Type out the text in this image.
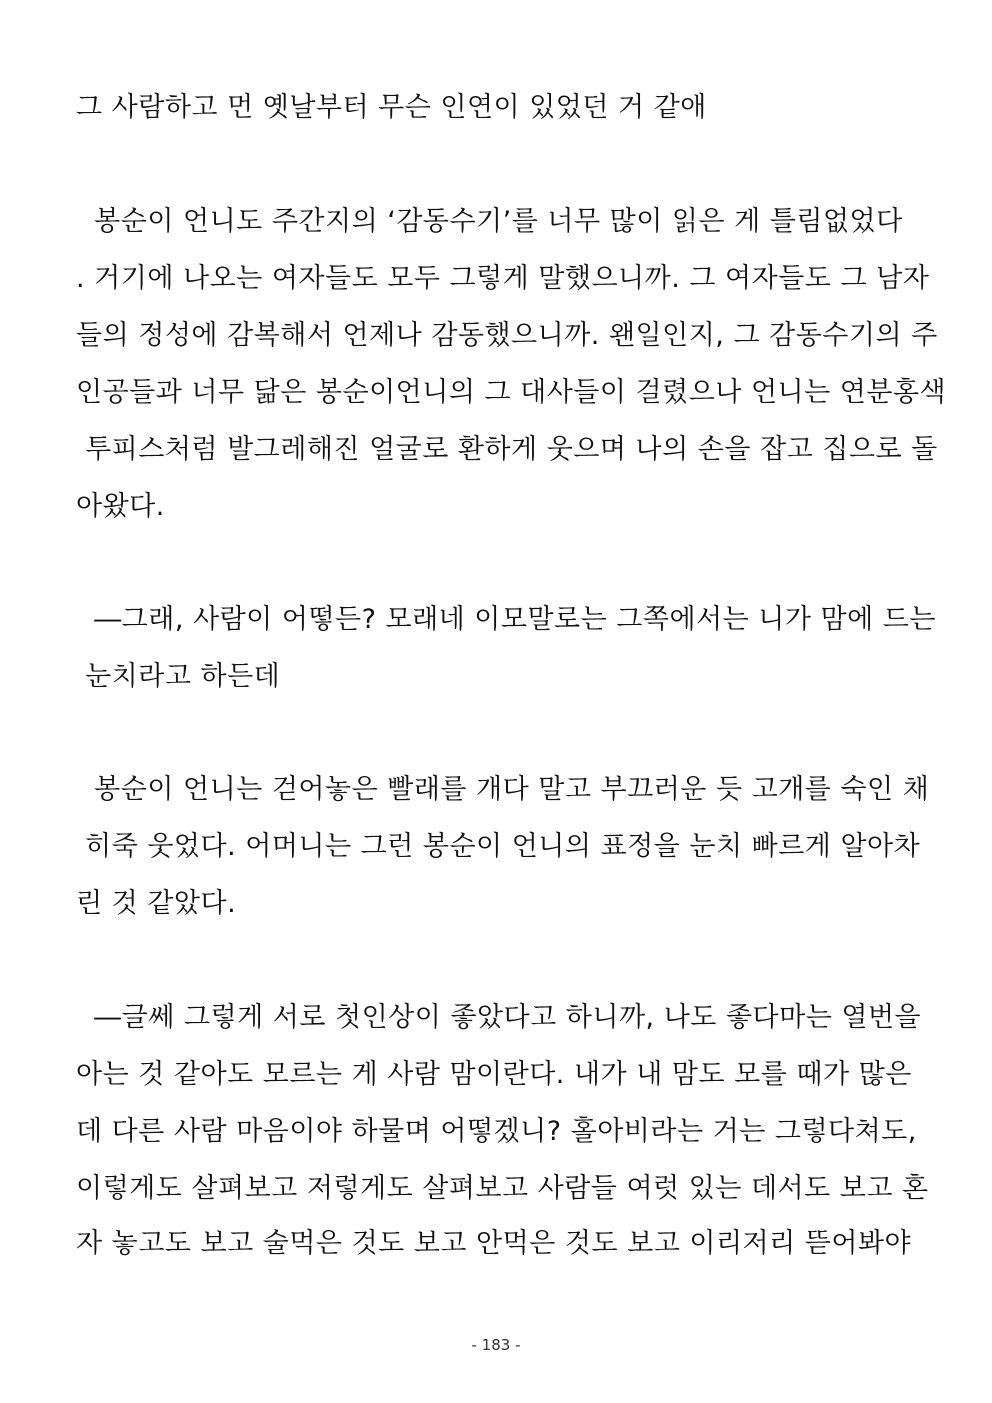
그 사람하고 먼 옛날부터 무슨 인연이 있었던 거 같애
봉순이 언니도 주간지의 ‘감동수기’를 너무 많이 읽은 게 틀림없었다
. 거기에 나오는 여자들도 모두 그렇게 말했으니까. 그 여자들도 그 남자
들의 정성에 감복해서 언제나 감동했으니까. 왠일인지, 그 감동수기의 주
인공들과 너무 닮은 봉순이언니의 그 대사들이 걸렸으나 언니는 연분홍색
투피스처럼 발그레해진 얼굴로 환하게 웃으며 나의 손을 잡고 집으로 돌
아왔다.
―그래, 사람이 어떻든? 모래네 이모말로는 그쪽에서는 니가 맘에 드는
눈치라고 하든데
봉순이 언니는 걷어놓은 빨래를 개다 말고 부끄러운 듯 고개를 숙인 채
히죽 웃었다. 어머니는 그런 봉순이 언니의 표정을 눈치 빠르게 알아차
린 것 같았다.
―글쎄 그렇게 서로 첫인상이 좋았다고 하니까, 나도 좋다마는 열번을
아는 것 같아도 모르는 게 사람 맘이란다. 내가 내 맘도 모를 때가 많은
데 다른 사람 마음이야 하물며 어떻겠니? 홀아비라는 거는 그렇다쳐도,
이렇게도 살펴보고 저렇게도 살펴보고 사람들 여럿 있는 데서도 보고 혼
자 놓고도 보고 술먹은 것도 보고 안먹은 것도 보고 이리저리 뜯어봐야
- 183 -
